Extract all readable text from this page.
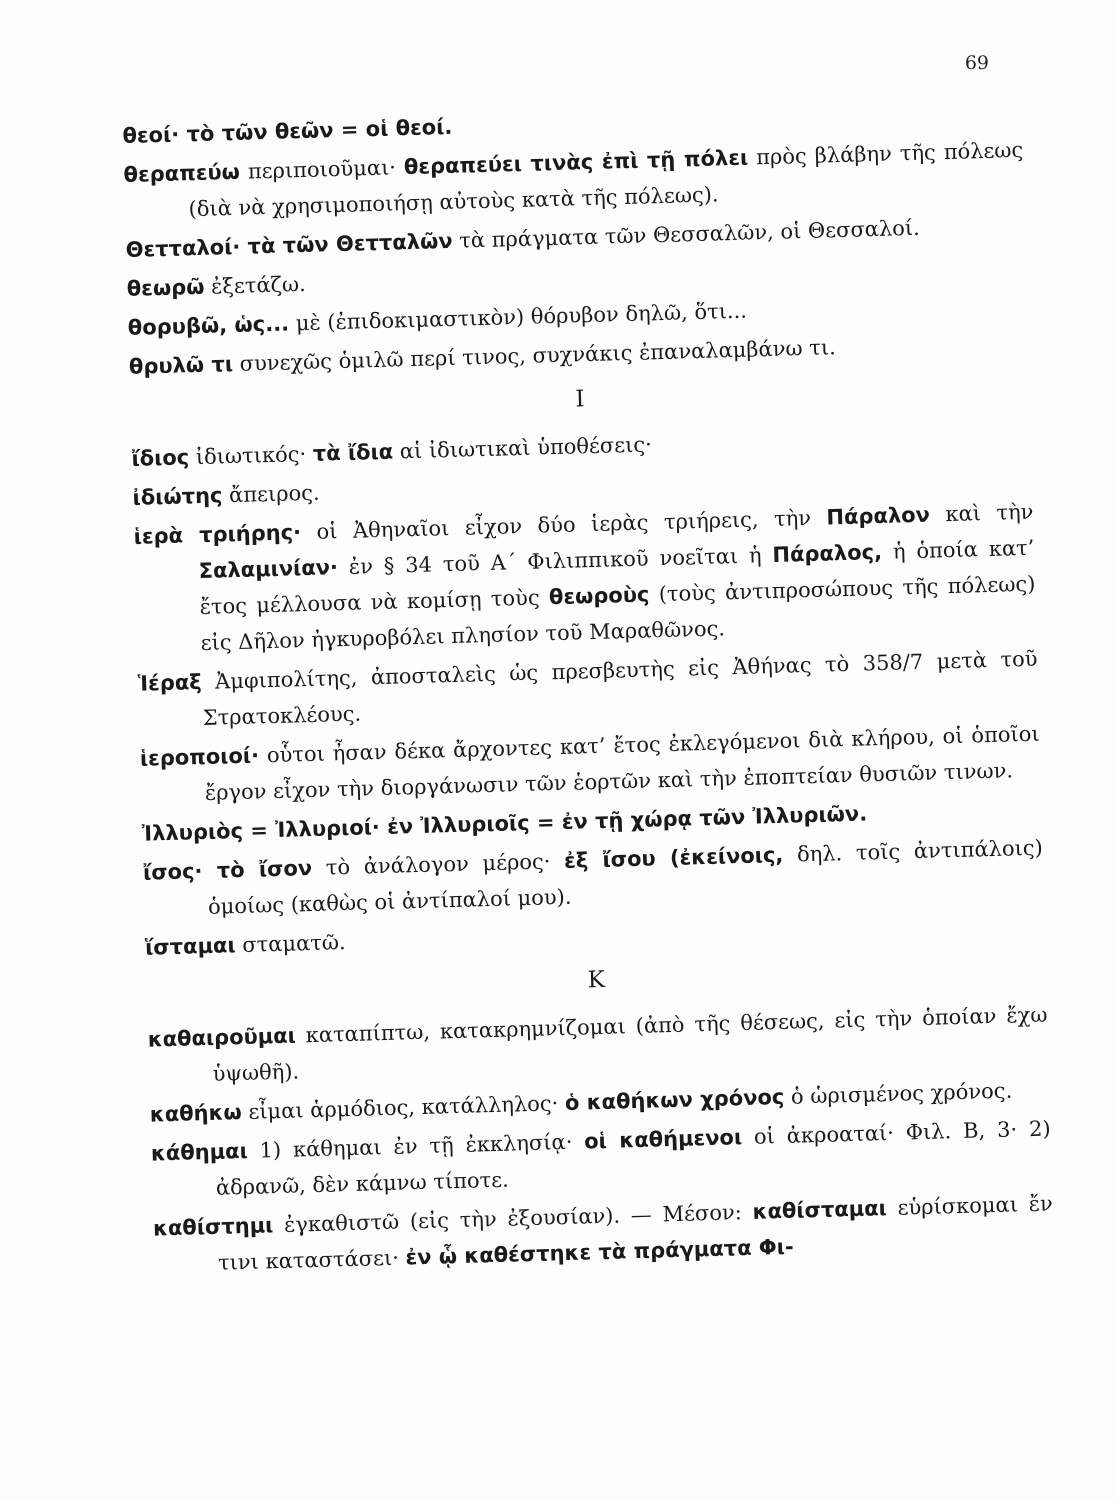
69
θεοί· τὸ τῶν θεῶν = οἱ θεοί.
θεραπεύω περιποιοῦμαι· θεραπεύει τινὰς ἐπὶ τῇ πόλει πρὸς βλάβην τῆς πόλεως (διὰ νὰ χρησιμοποιήσῃ αὐτοὺς κατὰ τῆς πόλεως).
Θετταλοί· τὰ τῶν Θετταλῶν τὰ πράγματα τῶν Θεσσαλῶν, οἱ Θεσσαλοί.
θεωρῶ ἐξετάζω.
θορυβῶ, ὡς... μὲ (ἐπιδοκιμαστικὸν) θόρυβον δηλῶ, ὅτι...
θρυλῶ τι συνεχῶς ὁμιλῶ περί τινος, συχνάκις ἐπαναλαμβάνω τι.
I
ἴδιος ἰδιωτικός· τὰ ἴδια αἱ ἰδιωτικαὶ ὑποθέσεις·
ἰδιώτης ἄπειρος.
ἱερὰ τριήρης· οἱ Ἀθηναῖοι εἶχον δύο ἱερὰς τριήρεις, τὴν Πάραλον καὶ τὴν Σαλαμινίαν· ἐν § 34 τοῦ Α΄ Φιλιππικοῦ νοεῖται ἡ Πάραλος, ἡ ὁποία κατ’ ἔτος μέλλουσα νὰ κομίσῃ τοὺς θεωροὺς (τοὺς ἀντιπροσώπους τῆς πόλεως) εἰς Δῆλον ἠγκυροβόλει πλησίον τοῦ Μαραθῶνος.
Ἱέραξ Ἀμφιπολίτης, ἀποσταλεὶς ὡς πρεσβευτὴς εἰς Ἀθήνας τὸ 358/7 μετὰ τοῦ Στρατοκλέους.
ἱεροποιοί· οὗτοι ἦσαν δέκα ἄρχοντες κατ’ ἔτος ἐκλεγόμενοι διὰ κλήρου, οἱ ὁποῖοι ἔργον εἶχον τὴν διοργάνωσιν τῶν ἑορτῶν καὶ τὴν ἐποπτείαν θυσιῶν τινων.
Ἰλλυριὸς = Ἰλλυριοί· ἐν Ἰλλυριοῖς = ἐν τῇ χώρᾳ τῶν Ἰλλυριῶν.
ἴσος· τὸ ἴσον τὸ ἀνάλογον μέρος· ἐξ ἴσου (ἐκείνοις, δηλ. τοῖς ἀντιπάλοις) ὁμοίως (καθὼς οἱ ἀντίπαλοί μου).
ἵσταμαι σταματῶ.
K
καθαιροῦμαι καταπίπτω, κατακρημνίζομαι (ἀπὸ τῆς θέσεως, εἰς τὴν ὁποίαν ἔχω ὑψωθῆ).
καθήκω εἶμαι ἁρμόδιος, κατάλληλος· ὁ καθήκων χρόνος ὁ ὡρισμένος χρόνος.
κάθημαι 1) κάθημαι ἐν τῇ ἐκκλησίᾳ· οἱ καθήμενοι οἱ ἀκροαταί· Φιλ. Β, 3· 2) ἀδρανῶ, δὲν κάμνω τίποτε.
καθίστημι ἐγκαθιστῶ (εἰς τὴν ἐξουσίαν). — Μέσον: καθίσταμαι εὑρίσκομαι ἔν τινι καταστάσει· ἐν ᾧ καθέστηκε τὰ πράγματα Φι-
